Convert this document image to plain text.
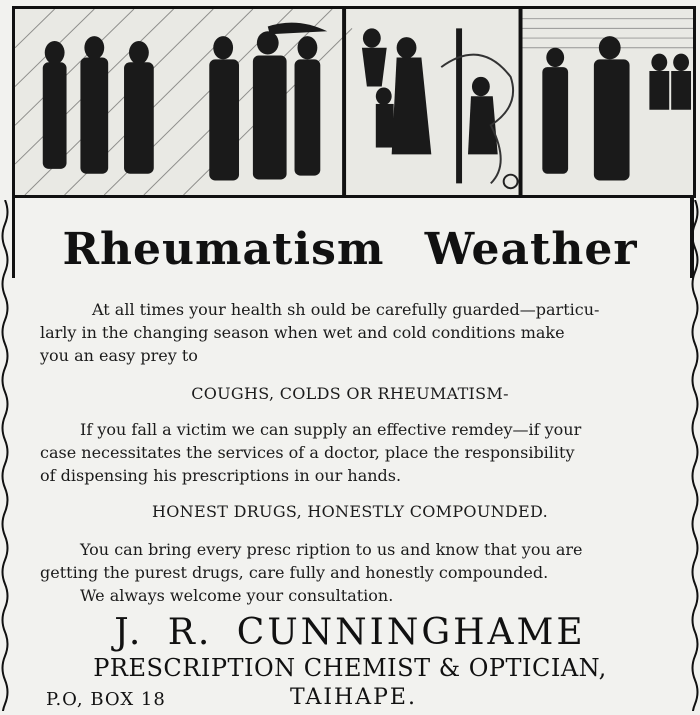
Rheumatism Weather
At all times your health sh ould be carefully guarded—particu-
larly in the changing season when wet and cold conditions make
you an easy prey to
COUGHS, COLDS OR RHEUMATISM-
If you fall a victim we can supply an effective remdey—if your
case necessitates the services of a doctor, place the responsibility
of dispensing his prescriptions in our hands.
HONEST DRUGS, HONESTLY COMPOUNDED.
You can bring every presc ription to us and know that you are
getting the purest drugs, care fully and honestly compounded.
We always welcome your consultation.
J. R. CUNNINGHAME
PRESCRIPTION CHEMIST & OPTICIAN,
P.O, BOX 18	TAIHAPE.
